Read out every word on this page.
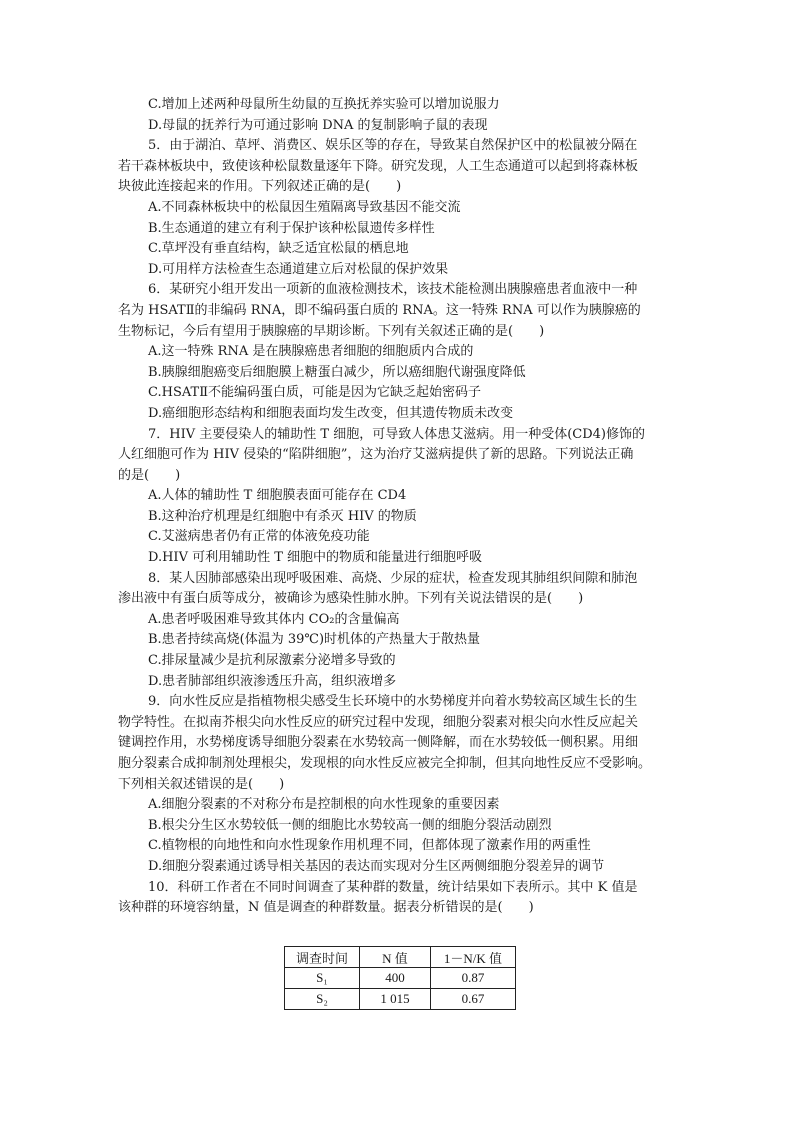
C.增加上述两种母鼠所生幼鼠的互换抚养实验可以增加说服力
D.母鼠的抚养行为可通过影响 DNA 的复制影响子鼠的表现
5．由于湖泊、草坪、消费区、娱乐区等的存在，导致某自然保护区中的松鼠被分隔在
若干森林板块中，致使该种松鼠数量逐年下降。研究发现，人工生态通道可以起到将森林板
块彼此连接起来的作用。下列叙述正确的是(　　)
A.不同森林板块中的松鼠因生殖隔离导致基因不能交流
B.生态通道的建立有利于保护该种松鼠遗传多样性
C.草坪没有垂直结构，缺乏适宜松鼠的栖息地
D.可用样方法检查生态通道建立后对松鼠的保护效果
6．某研究小组开发出一项新的血液检测技术，该技术能检测出胰腺癌患者血液中一种
名为 HSATⅡ的非编码 RNA，即不编码蛋白质的 RNA。这一特殊 RNA 可以作为胰腺癌的
生物标记，今后有望用于胰腺癌的早期诊断。下列有关叙述正确的是(　　)
A.这一特殊 RNA 是在胰腺癌患者细胞的细胞质内合成的
B.胰腺细胞癌变后细胞膜上糖蛋白减少，所以癌细胞代谢强度降低
C.HSATⅡ不能编码蛋白质，可能是因为它缺乏起始密码子
D.癌细胞形态结构和细胞表面均发生改变，但其遗传物质未改变
7．HIV 主要侵染人的辅助性 T 细胞，可导致人体患艾滋病。用一种受体(CD4)修饰的
人红细胞可作为 HIV 侵染的“陷阱细胞”，这为治疗艾滋病提供了新的思路。下列说法正确
的是(　　)
A.人体的辅助性 T 细胞膜表面可能存在 CD4
B.这种治疗机理是红细胞中有杀灭 HIV 的物质
C.艾滋病患者仍有正常的体液免疫功能
D.HIV 可利用辅助性 T 细胞中的物质和能量进行细胞呼吸
8．某人因肺部感染出现呼吸困难、高烧、少尿的症状，检查发现其肺组织间隙和肺泡
渗出液中有蛋白质等成分，被确诊为感染性肺水肿。下列有关说法错误的是(　　)
A.患者呼吸困难导致其体内 CO₂的含量偏高
B.患者持续高烧(体温为 39℃)时机体的产热量大于散热量
C.排尿量减少是抗利尿激素分泌增多导致的
D.患者肺部组织液渗透压升高，组织液增多
9．向水性反应是指植物根尖感受生长环境中的水势梯度并向着水势较高区域生长的生
物学特性。在拟南芥根尖向水性反应的研究过程中发现，细胞分裂素对根尖向水性反应起关
键调控作用，水势梯度诱导细胞分裂素在水势较高一侧降解，而在水势较低一侧积累。用细
胞分裂素合成抑制剂处理根尖，发现根的向水性反应被完全抑制，但其向地性反应不受影响。
下列相关叙述错误的是(　　)
A.细胞分裂素的不对称分布是控制根的向水性现象的重要因素
B.根尖分生区水势较低一侧的细胞比水势较高一侧的细胞分裂活动剧烈
C.植物根的向地性和向水性现象作用机理不同，但都体现了激素作用的两重性
D.细胞分裂素通过诱导相关基因的表达而实现对分生区两侧细胞分裂差异的调节
10．科研工作者在不同时间调查了某种群的数量，统计结果如下表所示。其中 K 值是
该种群的环境容纳量，N 值是调查的种群数量。据表分析错误的是(　　)
调查时间	N 值	1－N/K 值
S₁	400	0.87
S₂	1 015	0.67
